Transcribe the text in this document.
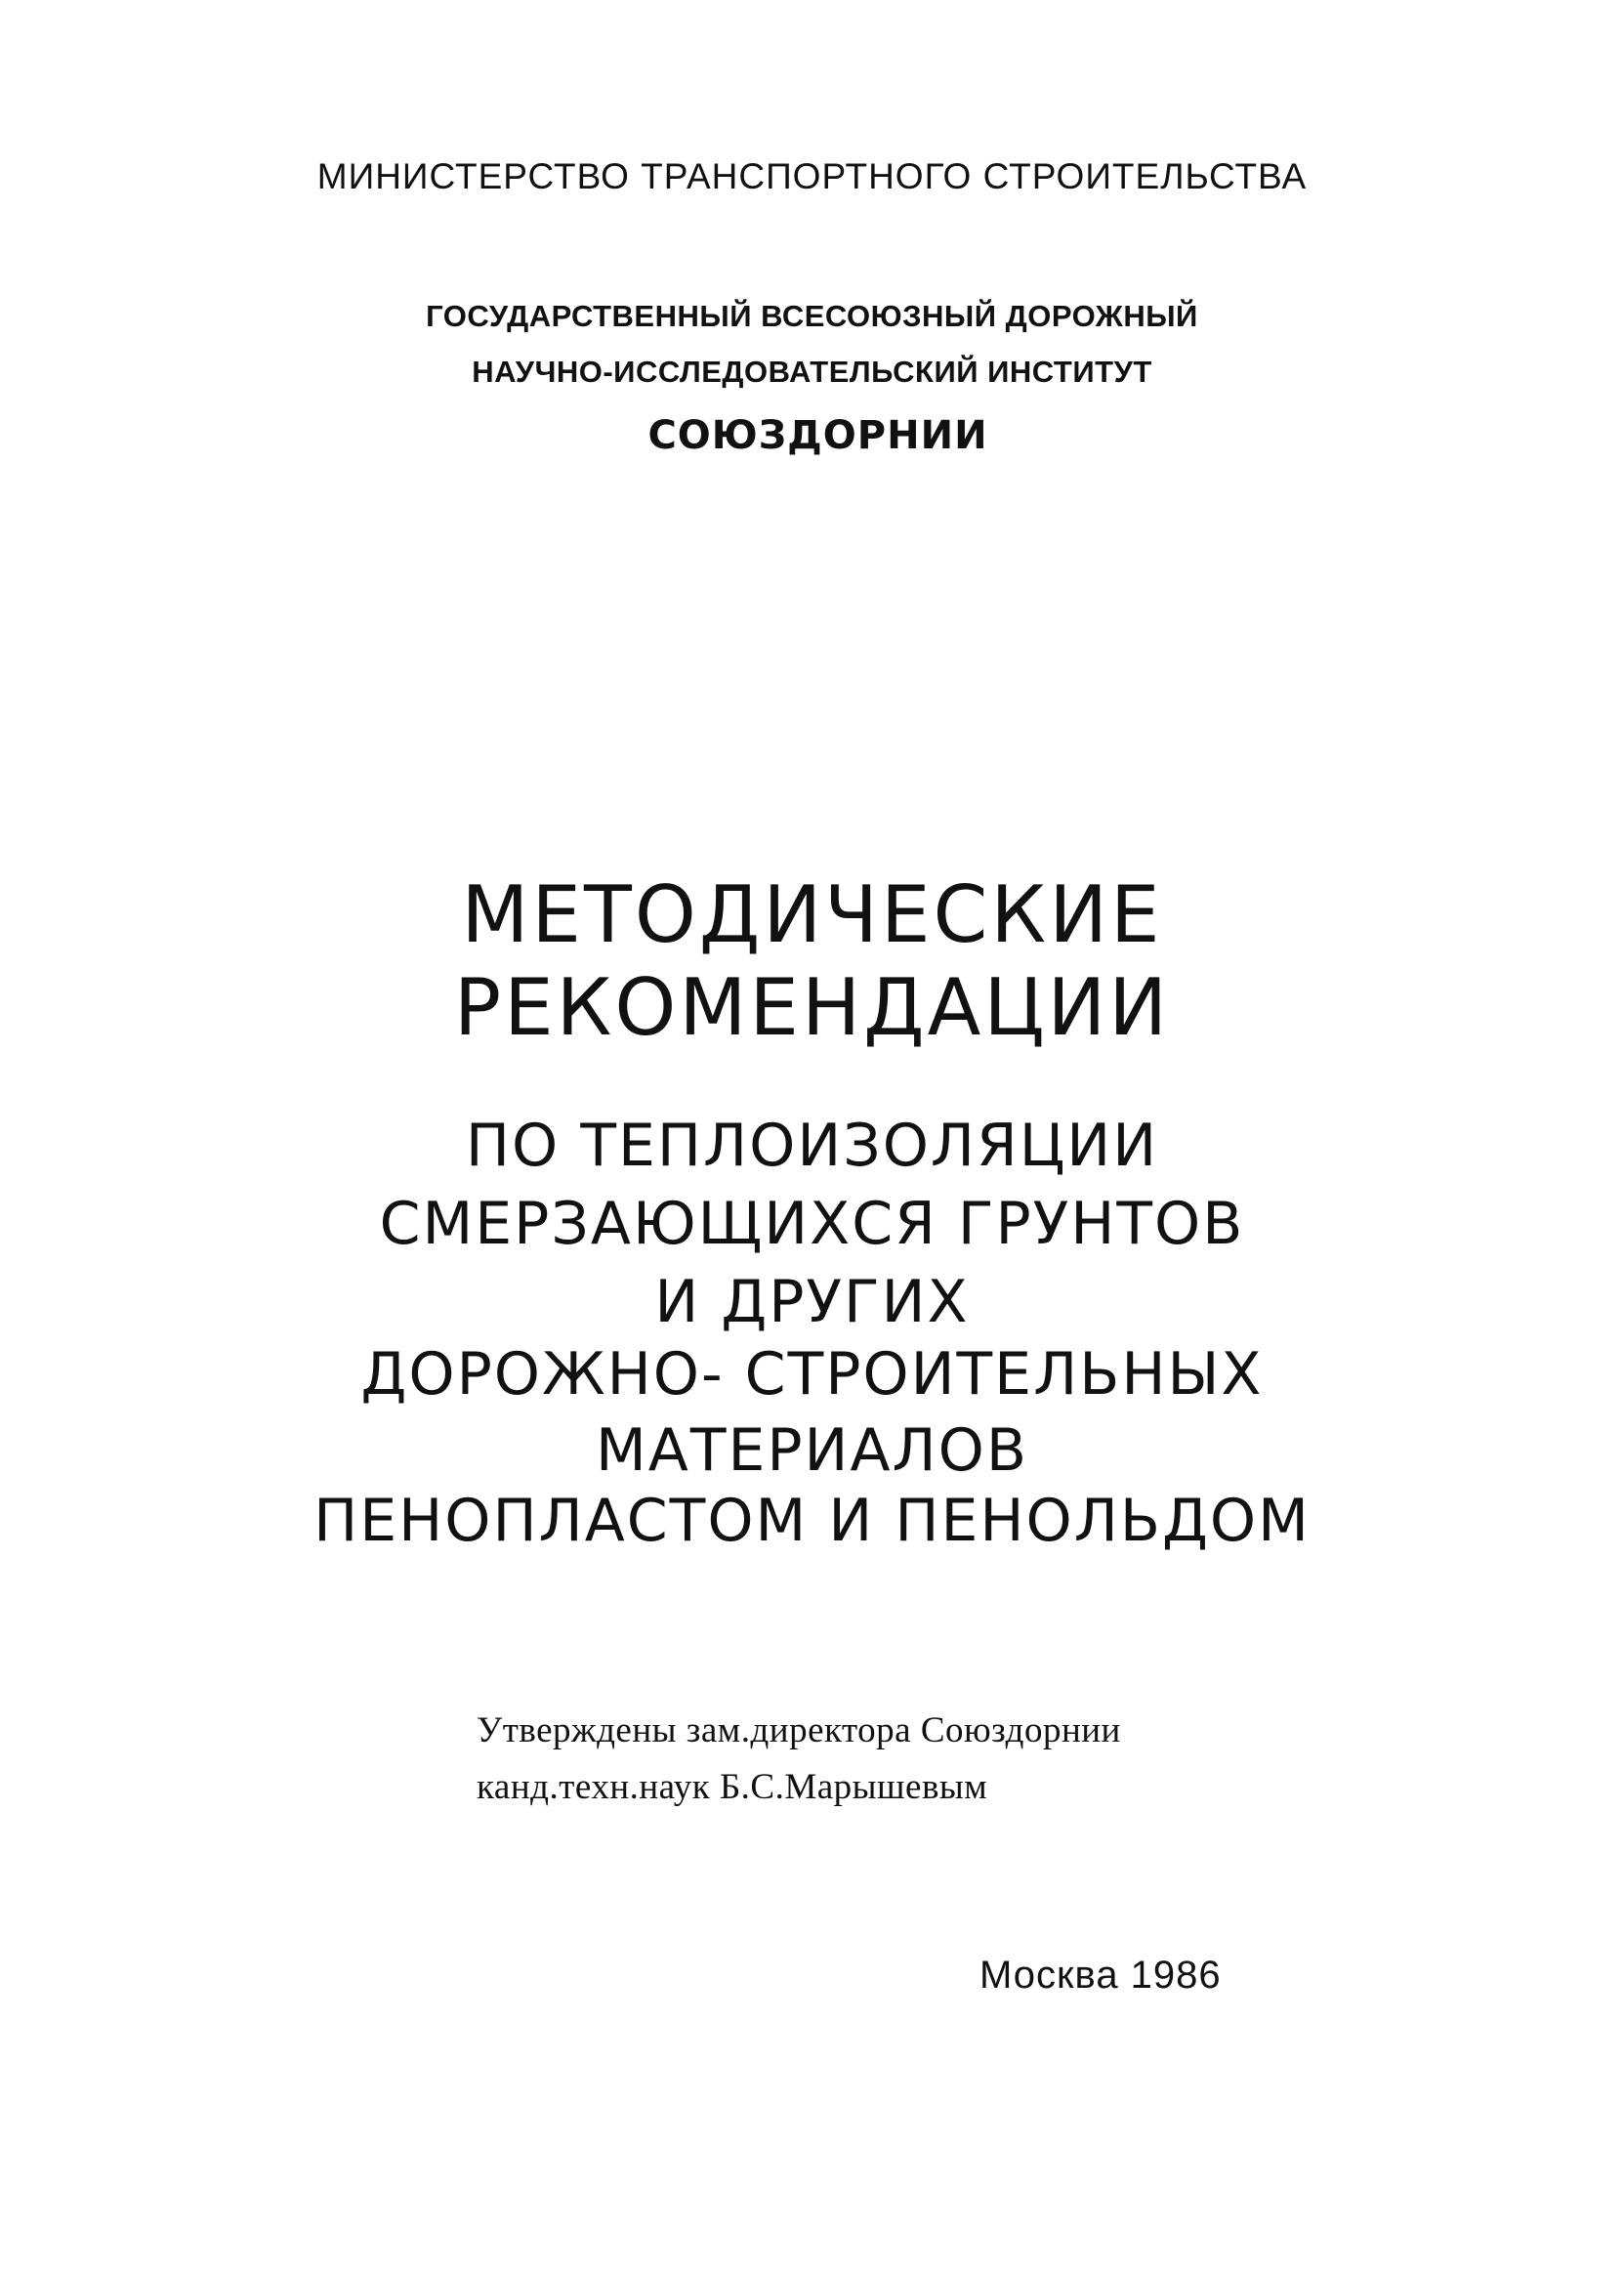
МИНИСТЕРСТВО ТРАНСПОРТНОГО СТРОИТЕЛЬСТВА
ГОСУДАРСТВЕННЫЙ ВСЕСОЮЗНЫЙ ДОРОЖНЫЙ
НАУЧНО-ИССЛЕДОВАТЕЛЬСКИЙ ИНСТИТУТ
СОЮЗДОРНИИ
МЕТОДИЧЕСКИЕ
РЕКОМЕНДАЦИИ
ПО ТЕПЛОИЗОЛЯЦИИ
СМЕРЗАЮЩИХСЯ ГРУНТОВ
И ДРУГИХ
ДОРОЖНО- СТРОИТЕЛЬНЫХ
МАТЕРИАЛОВ
ПЕНОПЛАСТОМ И ПЕНОЛЬДОМ
Утверждены зам.директора Союздорнии
канд.техн.наук Б.С.Марышевым
Москва 1986
